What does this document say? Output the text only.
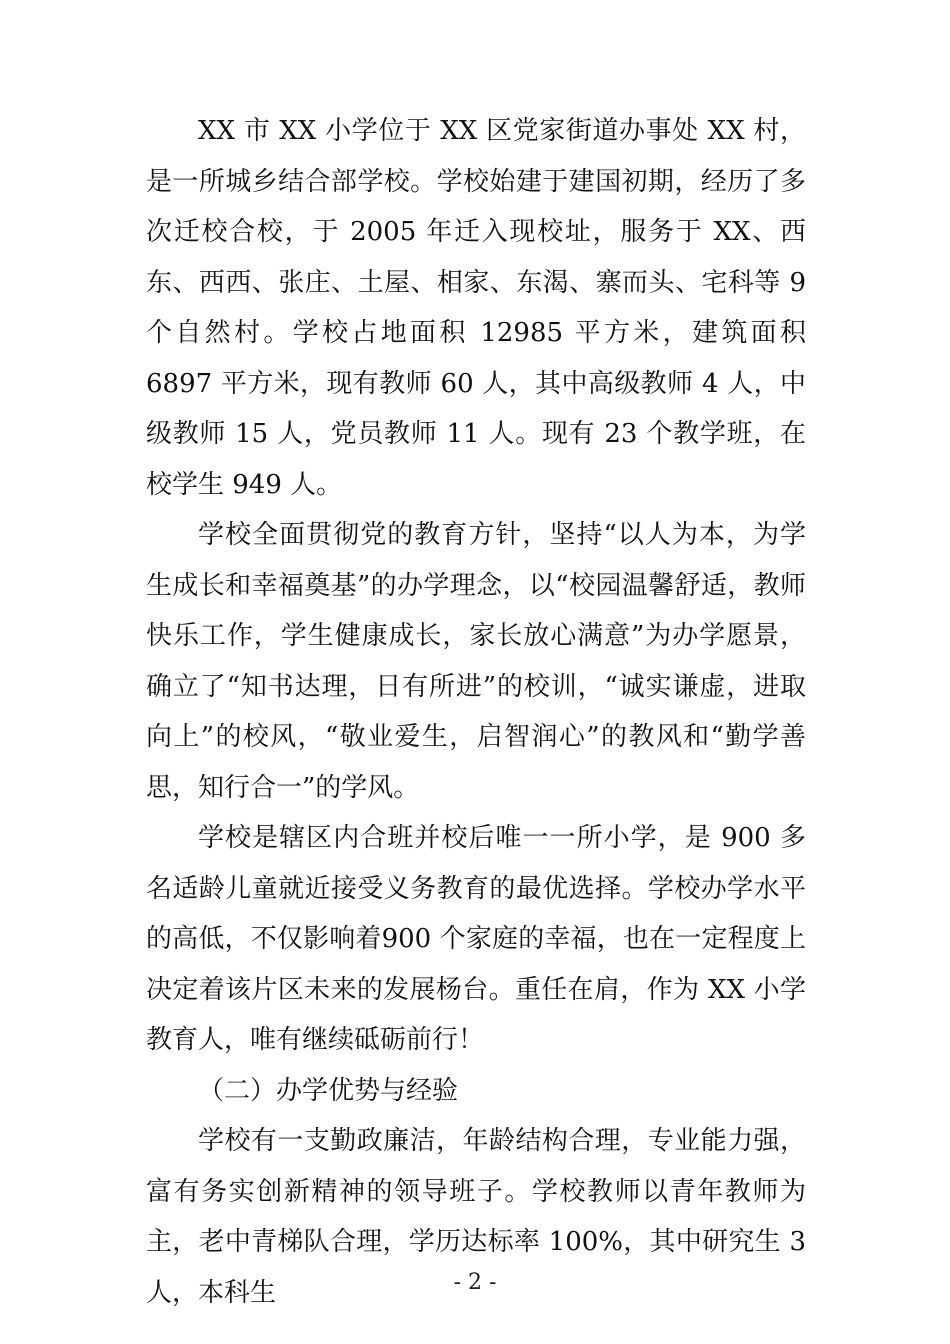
XX 市 XX 小学位于 XX 区党家街道办事处 XX 村，是一所城乡结合部学校。学校始建于建国初期，经历了多次迁校合校，于 2005 年迁入现校址，服务于 XX、西东、西西、张庄、土屋、相家、东渴、寨而头、宅科等 9 个自然村。学校占地面积 12985 平方米，建筑面积 6897 平方米，现有教师 60 人，其中高级教师 4 人，中级教师 15 人，党员教师 11 人。现有 23 个教学班，在校学生 949 人。

学校全面贯彻党的教育方针，坚持“以人为本，为学生成长和幸福奠基”的办学理念，以“校园温馨舒适，教师快乐工作，学生健康成长，家长放心满意”为办学愿景，确立了“知书达理，日有所进”的校训，“诚实谦虚，进取向上”的校风，“敬业爱生，启智润心”的教风和“勤学善思，知行合一”的学风。

学校是辖区内合班并校后唯一一所小学，是 900 多名适龄儿童就近接受义务教育的最优选择。学校办学水平的高低，不仅影响着900 个家庭的幸福，也在一定程度上决定着该片区未来的发展杨台。重任在肩，作为 XX 小学教育人，唯有继续砥砺前行！

（二）办学优势与经验

学校有一支勤政廉洁，年龄结构合理，专业能力强，富有务实创新精神的领导班子。学校教师以青年教师为主，老中青梯队合理，学历达标率 100%，其中研究生 3 人，本科生	- 2 -
